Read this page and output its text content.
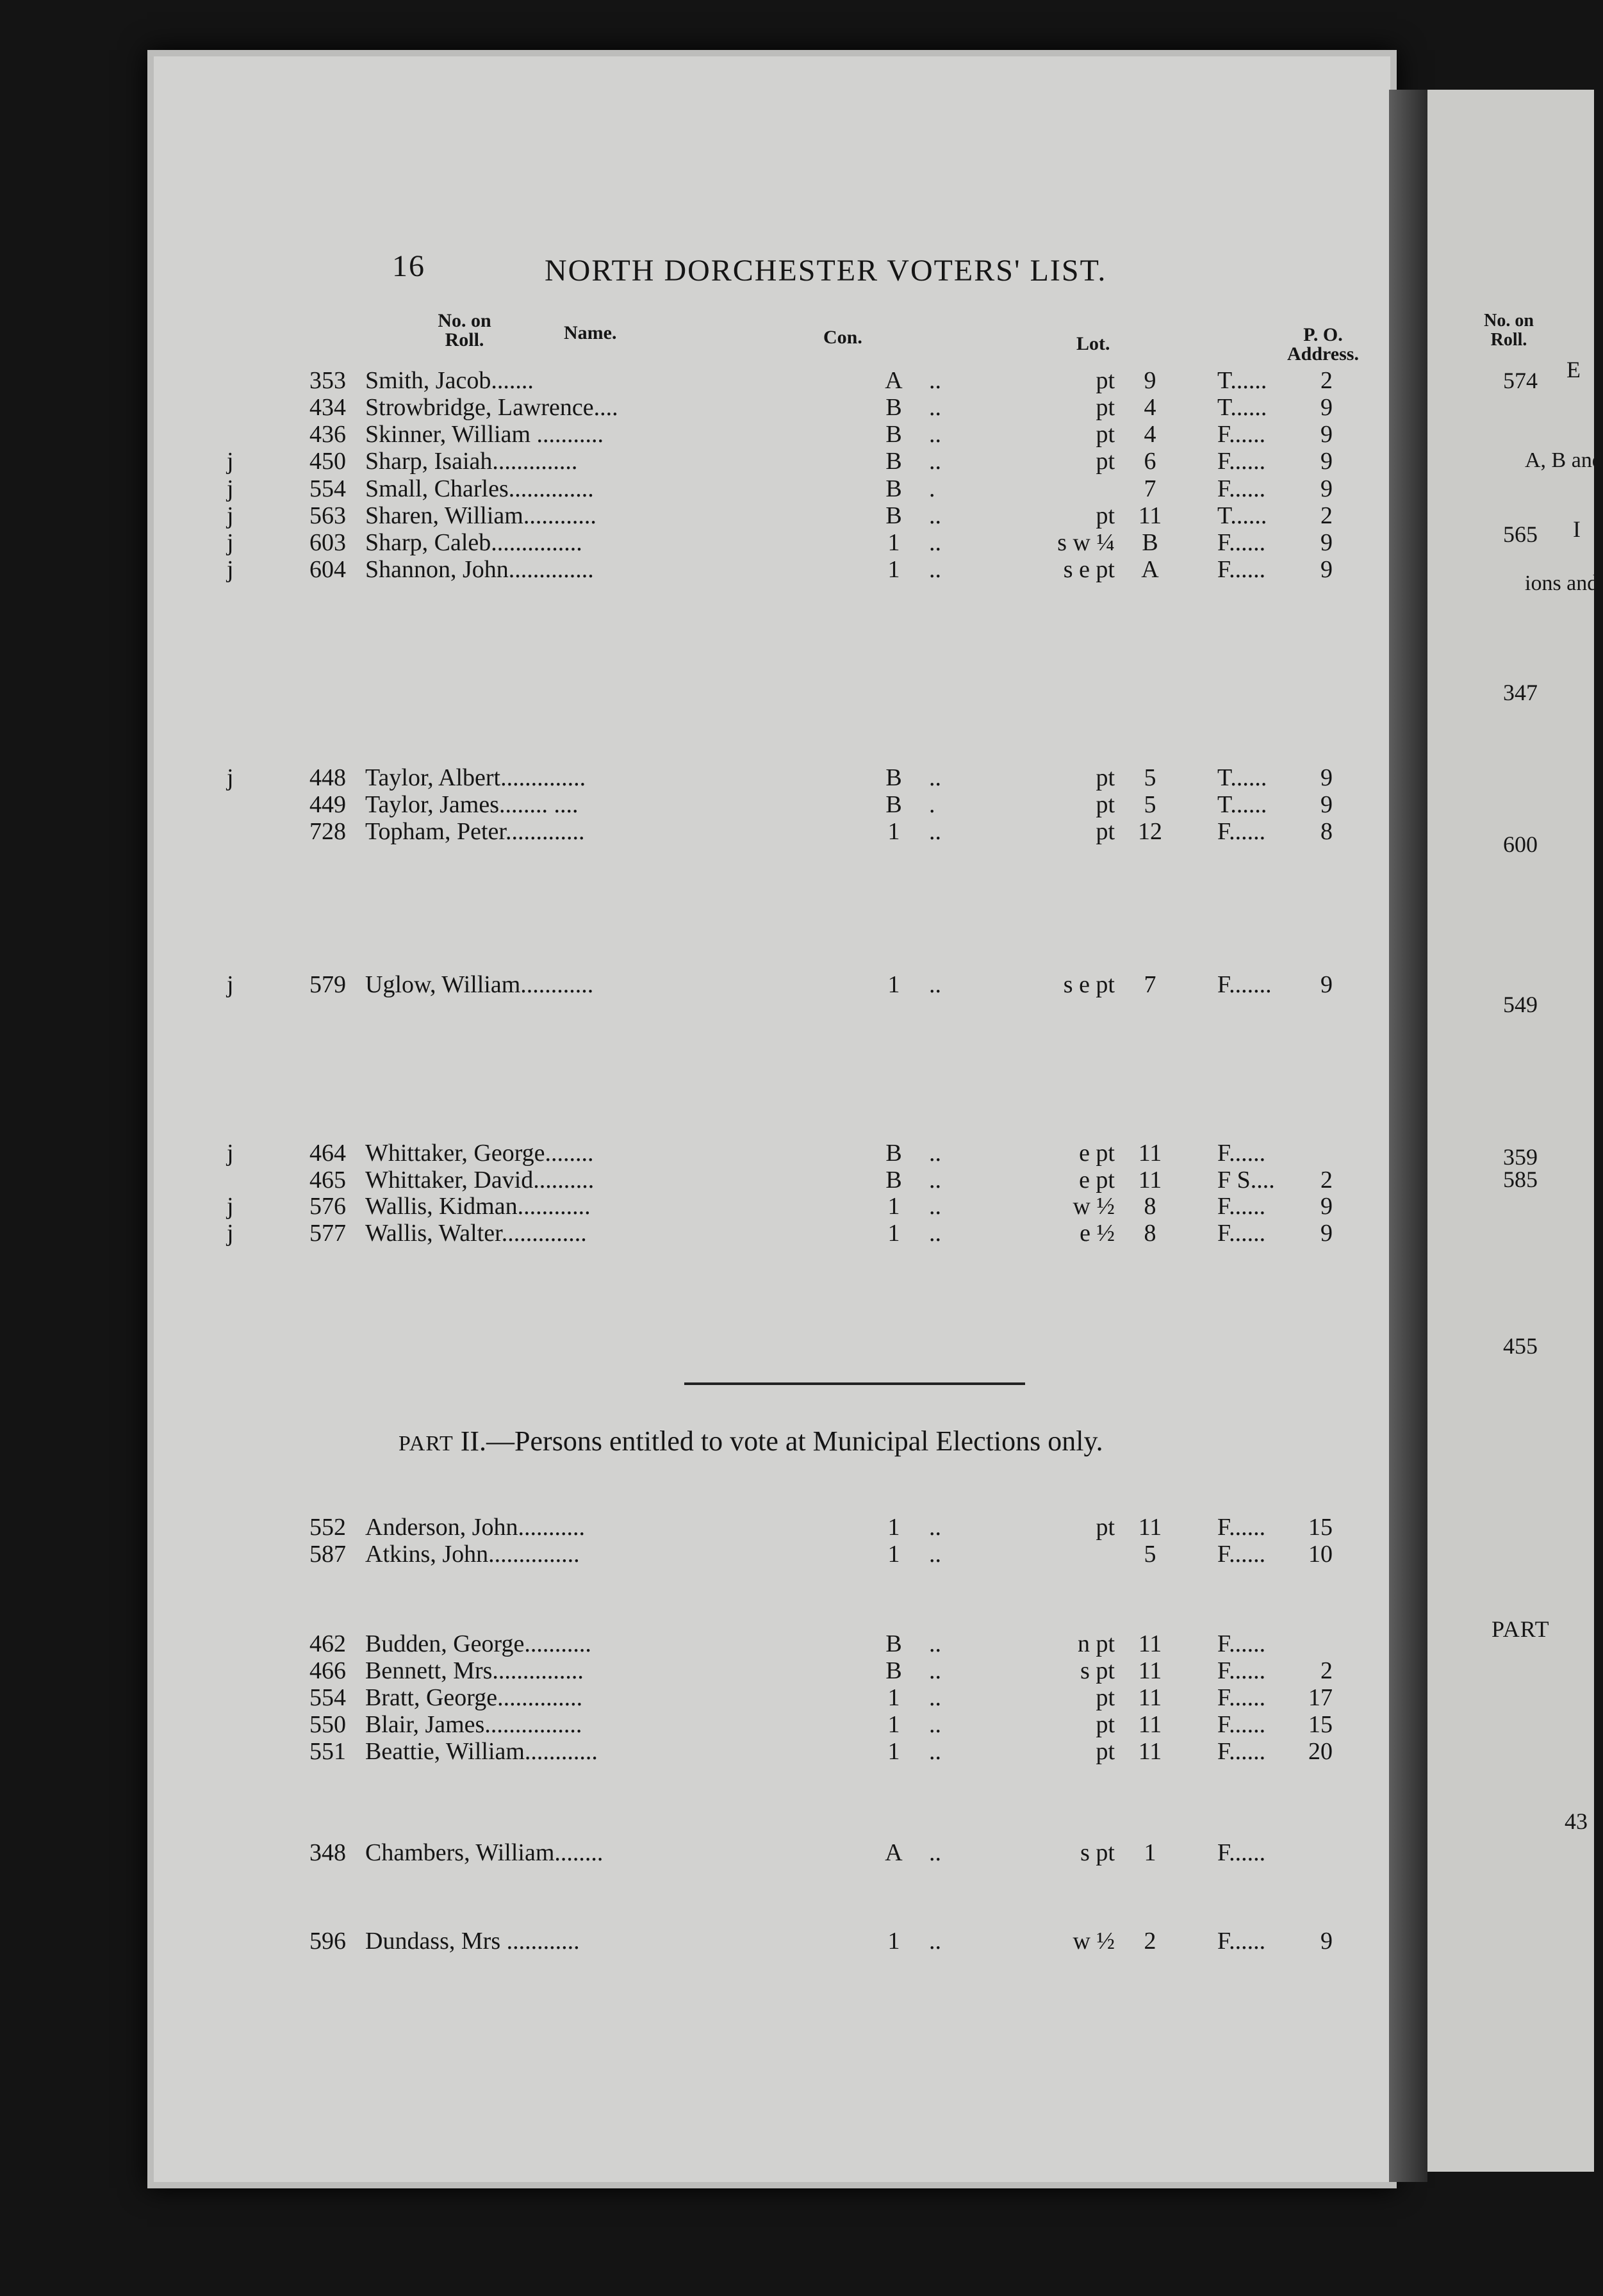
16	NORTH DORCHESTER VOTERS' LIST.
No. on
Roll.	Name.	Con.	Lot.	P. O.
Address.
353 Smith, Jacob.......	A ..	pt	9	T......	2
434 Strowbridge, Lawrence....	B ..	pt	4	T......	9
436 Skinner, William ...........	B ..	pt	4	F......	9
j	450 Sharp, Isaiah..............	B ..	pt	6	F......	9
j	554 Small, Charles..............	B .	7	F......	9
j	563 Sharen, William............	B ..	pt 11	T......	2
j	603 Sharp, Caleb...............	1 ..	s w ¼	B	F......	9
j	604 Shannon, John..............	1 ..	s e pt	A	F......	9
j	448 Taylor, Albert..............	B ..	pt	5	T......	9
449 Taylor, James........ ....	B .	pt	5	T......	9
728 Topham, Peter.............	1 ..	pt 12	F......	8
j	579 Uglow, William............	1 ..	s e pt	7	F.......	9
j	464 Whittaker, George........	B ..	e pt 11	F......
465 Whittaker, David..........	B ..	e pt 11	F S....	2
j	576 Wallis, Kidman............	1 ..	w ½	8	F......	9
j	577 Wallis, Walter..............	1 ..	e ½	8	F......	9
PART II.—Persons entitled to vote at Municipal Elections only.
552 Anderson, John...........	1 ..	pt 11	F......	15
587 Atkins, John...............	1 ..	5	F......	10
462 Budden, George...........	B ..	n pt 11	F......
466 Bennett, Mrs...............	B ..	s pt 11	F......	2
554 Bratt, George..............	1 ..	pt 11	F......	17
550 Blair, James................	1 ..	pt 11	F......	15
551 Beattie, William............	1 ..	pt 11	F......	20
348 Chambers, William........	A ..	s pt	1	F......
596 Dundass, Mrs ............	1 ..	w ½	2	F......	9
No. on
Roll.
574
565
347
600
549
359
585
455
E
A, B and
I
ions and
PART
43
